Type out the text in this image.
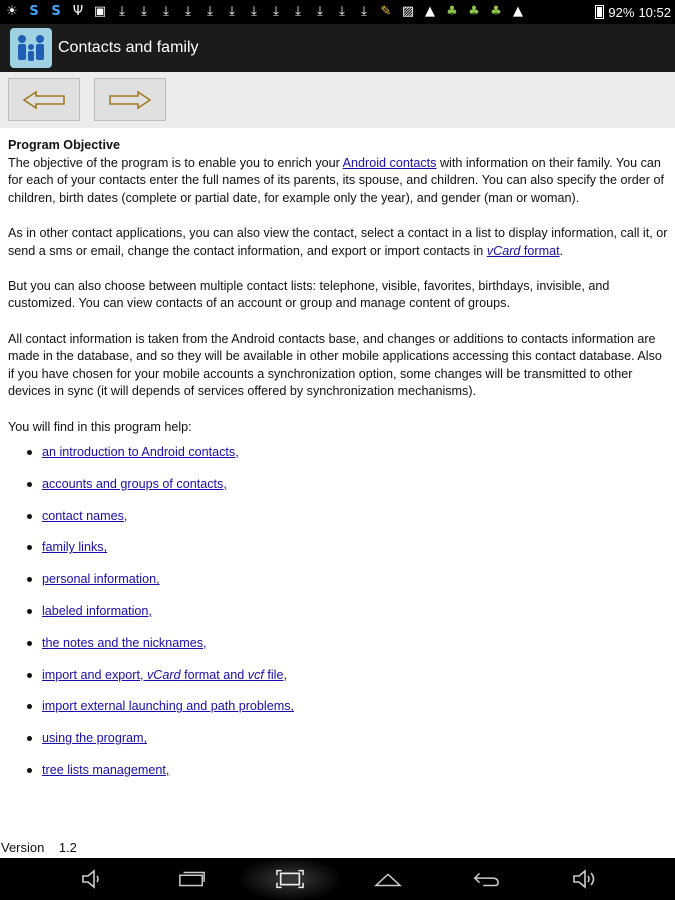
☀ S S Ψ ▣ ⤓	⤓	⤓	⤓	⤓	⤓	⤓	⤓	⤓	⤓	⤓	⤓	✎ ▨ ▲ ♣ ♣ ♣ ▲	92% 10:52
Contacts and family
Program Objective

The objective of the program is to enable you to enrich your Android contacts with information on their family. You can for each of your contacts enter the full names of its parents, its spouse, and children. You can also specify the order of children, birth dates (complete or partial date, for example only the year), and gender (man or woman).

As in other contact applications, you can also view the contact, select a contact in a list to display information, call it, or send a sms or email, change the contact information, and export or import contacts in vCard format.

But you can also choose between multiple contact lists: telephone, visible, favorites, birthdays, invisible, and customized. You can view contacts of an account or group and manage content of groups.

All contact information is taken from the Android contacts base, and changes or additions to contacts information are made in the database, and so they will be available in other mobile applications accessing this contact database. Also if you have chosen for your mobile accounts a synchronization option, some changes will be transmitted to other devices in sync (it will depends of services offered by synchronization mechanisms).

You will find in this program help:

an introduction to Android contacts,
accounts and groups of contacts,
contact names,
family links,
personal information,
labeled information,
the notes and the nicknames,
import and export, vCard format and vcf file,
import external launching and path problems,
using the program,
tree lists management,
Version 1.2
